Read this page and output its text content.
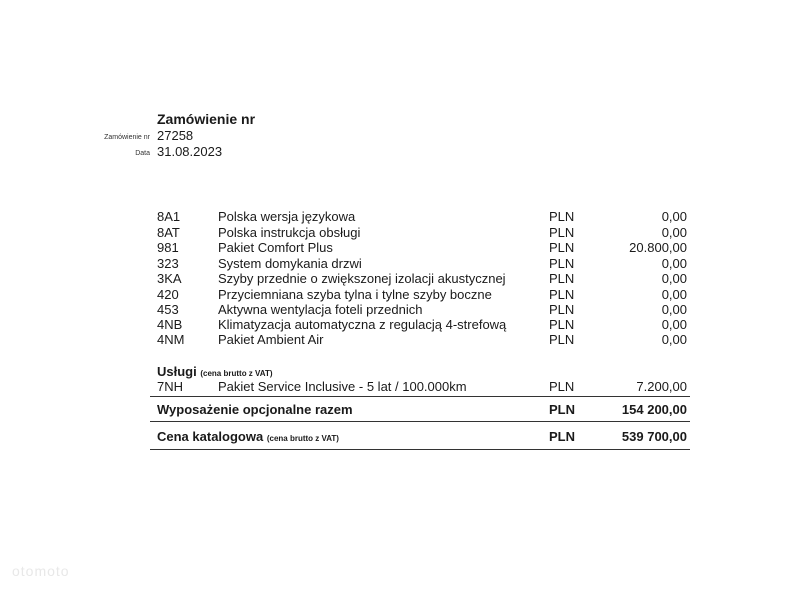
Zamówienie nr
Zamówienie nr 27258
Data 31.08.2023
8A1	Polska wersja językowa	PLN	0,00
8AT	Polska instrukcja obsługi	PLN	0,00
981	Pakiet Comfort Plus	PLN	20.800,00
323	System domykania drzwi	PLN	0,00
3KA	Szyby przednie o zwiększonej izolacji akustycznej	PLN	0,00
420	Przyciemniana szyba tylna i tylne szyby boczne	PLN	0,00
453	Aktywna wentylacja foteli przednich	PLN	0,00
4NB	Klimatyzacja automatyczna z regulacją 4-strefową	PLN	0,00
4NM	Pakiet Ambient Air	PLN	0,00
Usługi (cena brutto z VAT)
7NH	Pakiet Service Inclusive - 5 lat / 100.000km	PLN	7.200,00
Wyposażenie opcjonalne razem	PLN	154 200,00
Cena katalogowa (cena brutto z VAT)	PLN	539 700,00
otomoto
